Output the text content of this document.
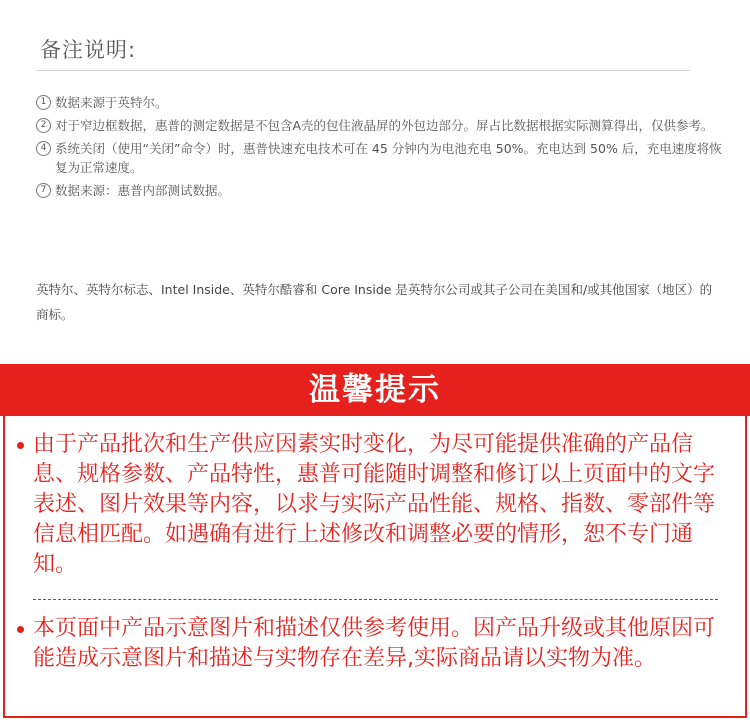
备注说明:
1 数据来源于英特尔。
2 对于窄边框数据，惠普的测定数据是不包含A壳的包住液晶屏的外包边部分。屏占比数据根据实际测算得出，仅供参考。
4 系统关闭（使用“关闭”命令）时，惠普快速充电技术可在 45 分钟内为电池充电 50%。充电达到 50% 后，充电速度将恢复为正常速度。
7 数据来源：惠普内部测试数据。
英特尔、英特尔标志、Intel Inside、英特尔酷睿和 Core Inside 是英特尔公司或其子公司在美国和/或其他国家（地区）的商标。
温馨提示
由于产品批次和生产供应因素实时变化，为尽可能提供准确的产品信息、规格参数、产品特性，惠普可能随时调整和修订以上页面中的文字表述、图片效果等内容，以求与实际产品性能、规格、指数、零部件等信息相匹配。如遇确有进行上述修改和调整必要的情形，恕不专门通知。
本页面中产品示意图片和描述仅供参考使用。因产品升级或其他原因可能造成示意图片和描述与实物存在差异,实际商品请以实物为准。
